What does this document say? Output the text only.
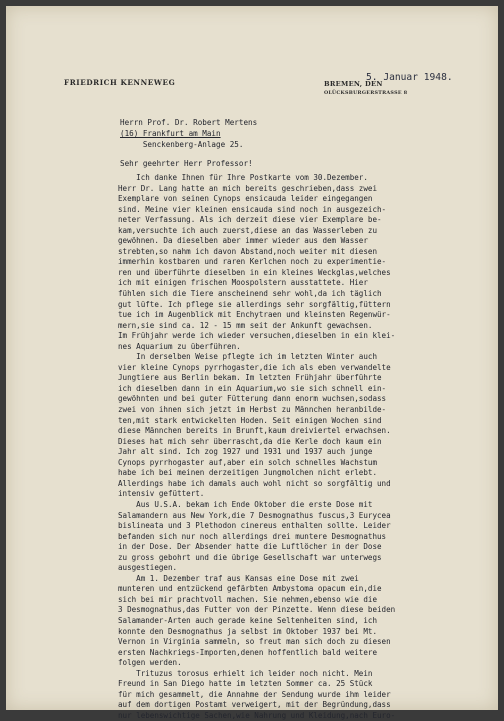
FRIEDRICH KENNEWEG	BREMEN, DEN
5. Januar 1948.
OLÜCKSBURGERSTRASSE 8
Herrn Prof. Dr. Robert Mertens
(16) Frankfurt am Main
Senckenberg-Anlage 25.
Sehr geehrter Herr Professor!
Ich danke Ihnen für Ihre Postkarte vom 30.Dezember.
Herr Dr. Lang hatte an mich bereits geschrieben,dass zwei
Exemplare von seinen Cynops ensicauda leider eingegangen
sind. Meine vier kleinen ensicauda sind noch in ausgezeich-
neter Verfassung. Als ich derzeit diese vier Exemplare be-
kam,versuchte ich auch zuerst,diese an das Wasserleben zu
gewöhnen. Da dieselben aber immer wieder aus dem Wasser
strebten,so nahm ich davon Abstand,noch weiter mit diesen
immerhin kostbaren und raren Kerlchen noch zu experimentie-
ren und überführte dieselben in ein kleines Weckglas,welches
ich mit einigen frischen Moospolstern ausstattete. Hier
fühlen sich die Tiere anscheinend sehr wohl,da ich täglich
gut lüfte. Ich pflege sie allerdings sehr sorgfältig,füttern
tue ich im Augenblick mit Enchytraen und kleinsten Regenwür-
mern,sie sind ca. 12 - 15 mm seit der Ankunft gewachsen.
Im Frühjahr werde ich wieder versuchen,dieselben in ein klei-
nes Aquarium zu überführen.
In derselben Weise pflegte ich im letzten Winter auch
vier kleine Cynops pyrrhogaster,die ich als eben verwandelte
Jungtiere aus Berlin bekam. Im letzten Frühjahr überführte
ich dieselben dann in ein Aquarium,wo sie sich schnell ein-
gewöhnten und bei guter Fütterung dann enorm wuchsen,sodass
zwei von ihnen sich jetzt im Herbst zu Männchen heranbilde-
ten,mit stark entwickelten Hoden. Seit einigen Wochen sind
diese Männchen bereits in Brunft,kaum dreiviertel erwachsen.
Dieses hat mich sehr überrascht,da die Kerle doch kaum ein
Jahr alt sind. Ich zog 1927 und 1931 und 1937 auch junge
Cynops pyrrhogaster auf,aber ein solch schnelles Wachstum
habe ich bei meinen derzeitigen Jungmolchen nicht erlebt.
Allerdings habe ich damals auch wohl nicht so sorgfältig und
intensiv gefüttert.
Aus U.S.A. bekam ich Ende Oktober die erste Dose mit
Salamandern aus New York,die 7 Desmognathus fuscus,3 Eurycea
bislineata und 3 Plethodon cinereus enthalten sollte. Leider
befanden sich nur noch allerdings drei muntere Desmognathus
in der Dose. Der Absender hatte die Luftlöcher in der Dose
zu gross gebohrt und die übrige Gesellschaft war unterwegs
ausgestiegen.
Am 1. Dezember traf aus Kansas eine Dose mit zwei
munteren und entzückend gefärbten Ambystoma opacum ein,die
sich bei mir prachtvoll machen. Sie nehmen,ebenso wie die
3 Desmognathus,das Futter von der Pinzette. Wenn diese beiden
Salamander-Arten auch gerade keine Seltenheiten sind, ich
konnte den Desmognathus ja selbst im Oktober 1937 bei Mt.
Vernon in Virginia sammeln, so freut man sich doch zu diesen
ersten Nachkriegs-Importen,denen hoffentlich bald weitere
folgen werden.
Trituzus torosus erhielt ich leider noch nicht. Mein
Freund in San Diego hatte im letzten Sommer ca. 25 Stück
für mich gesammelt, die Annahme der Sendung wurde ihm leider
auf dem dortigen Postamt verweigert, mit der Begründung,dass
nur lebenswichtige Sachen,wie Nahrung und Kleidung,nach Euro-
